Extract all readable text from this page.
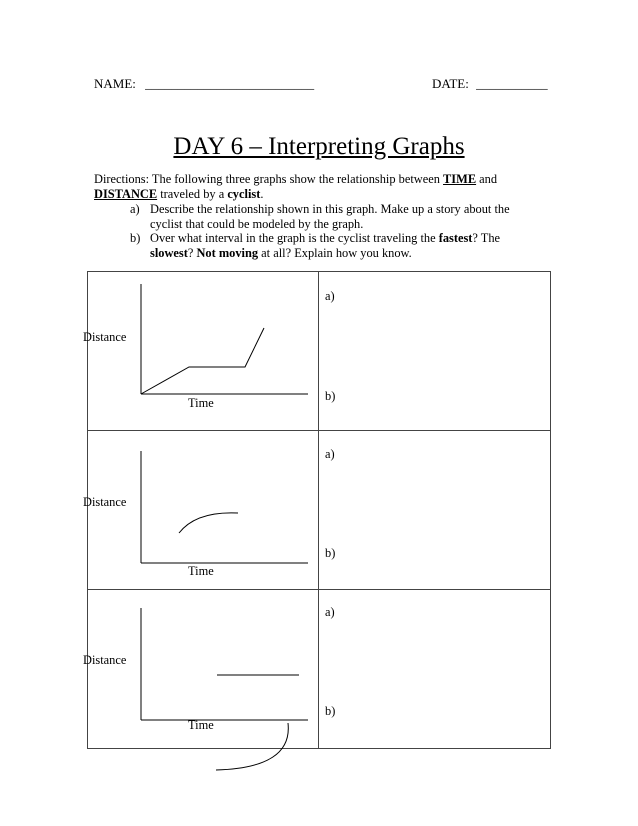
NAME: __________________________	DATE: ___________
DAY 6 – Interpreting Graphs
Directions: The following three graphs show the relationship between TIME and
DISTANCE traveled by a cyclist.
a) Describe the relationship shown in this graph. Make up a story about the
cyclist that could be modeled by the graph.
b) Over what interval in the graph is the cyclist traveling the fastest? The
slowest? Not moving at all? Explain how you know.
Distance
Time	a)
b)

Distance
Time	a)
b)

Distance
Time	a)
b)
